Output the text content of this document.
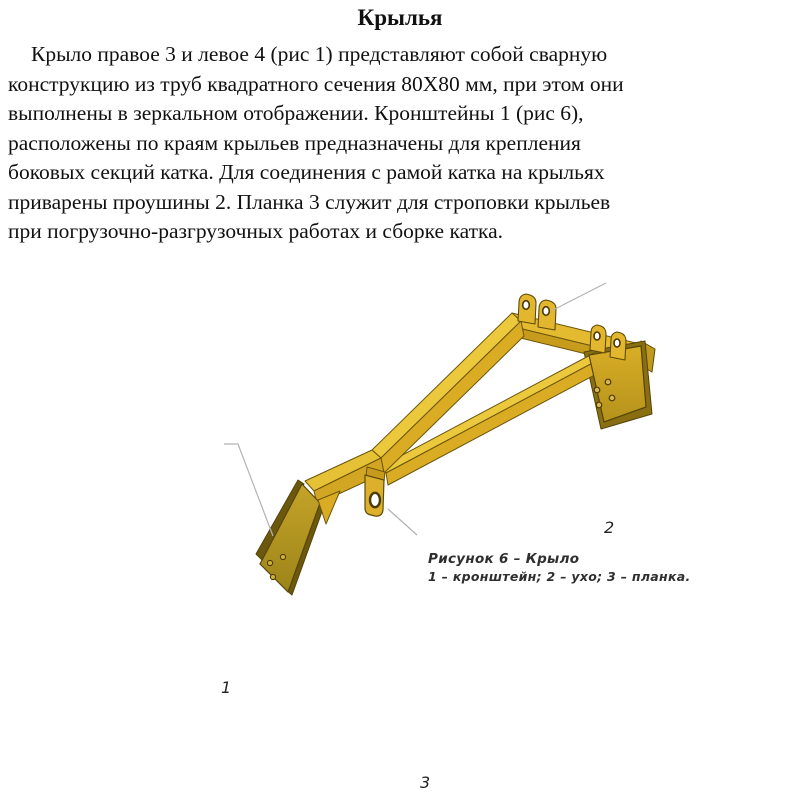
Крылья
Крыло правое 3 и левое 4 (рис 1) представляют собой сварную
конструкцию из труб квадратного сечения 80X80 мм, при этом они
выполнены в зеркальном отображении. Кронштейны 1 (рис 6),
расположены по краям крыльев предназначены для крепления
боковых секций катка. Для соединения с рамой катка на крыльях
приварены проушины 2. Планка 3 служит для строповки крыльев
при погрузочно-разгрузочных работах и сборке катка.
1
2
3
Рисунок 6 – Крыло
1 – кронштейн; 2 – ухо; 3 – планка.
